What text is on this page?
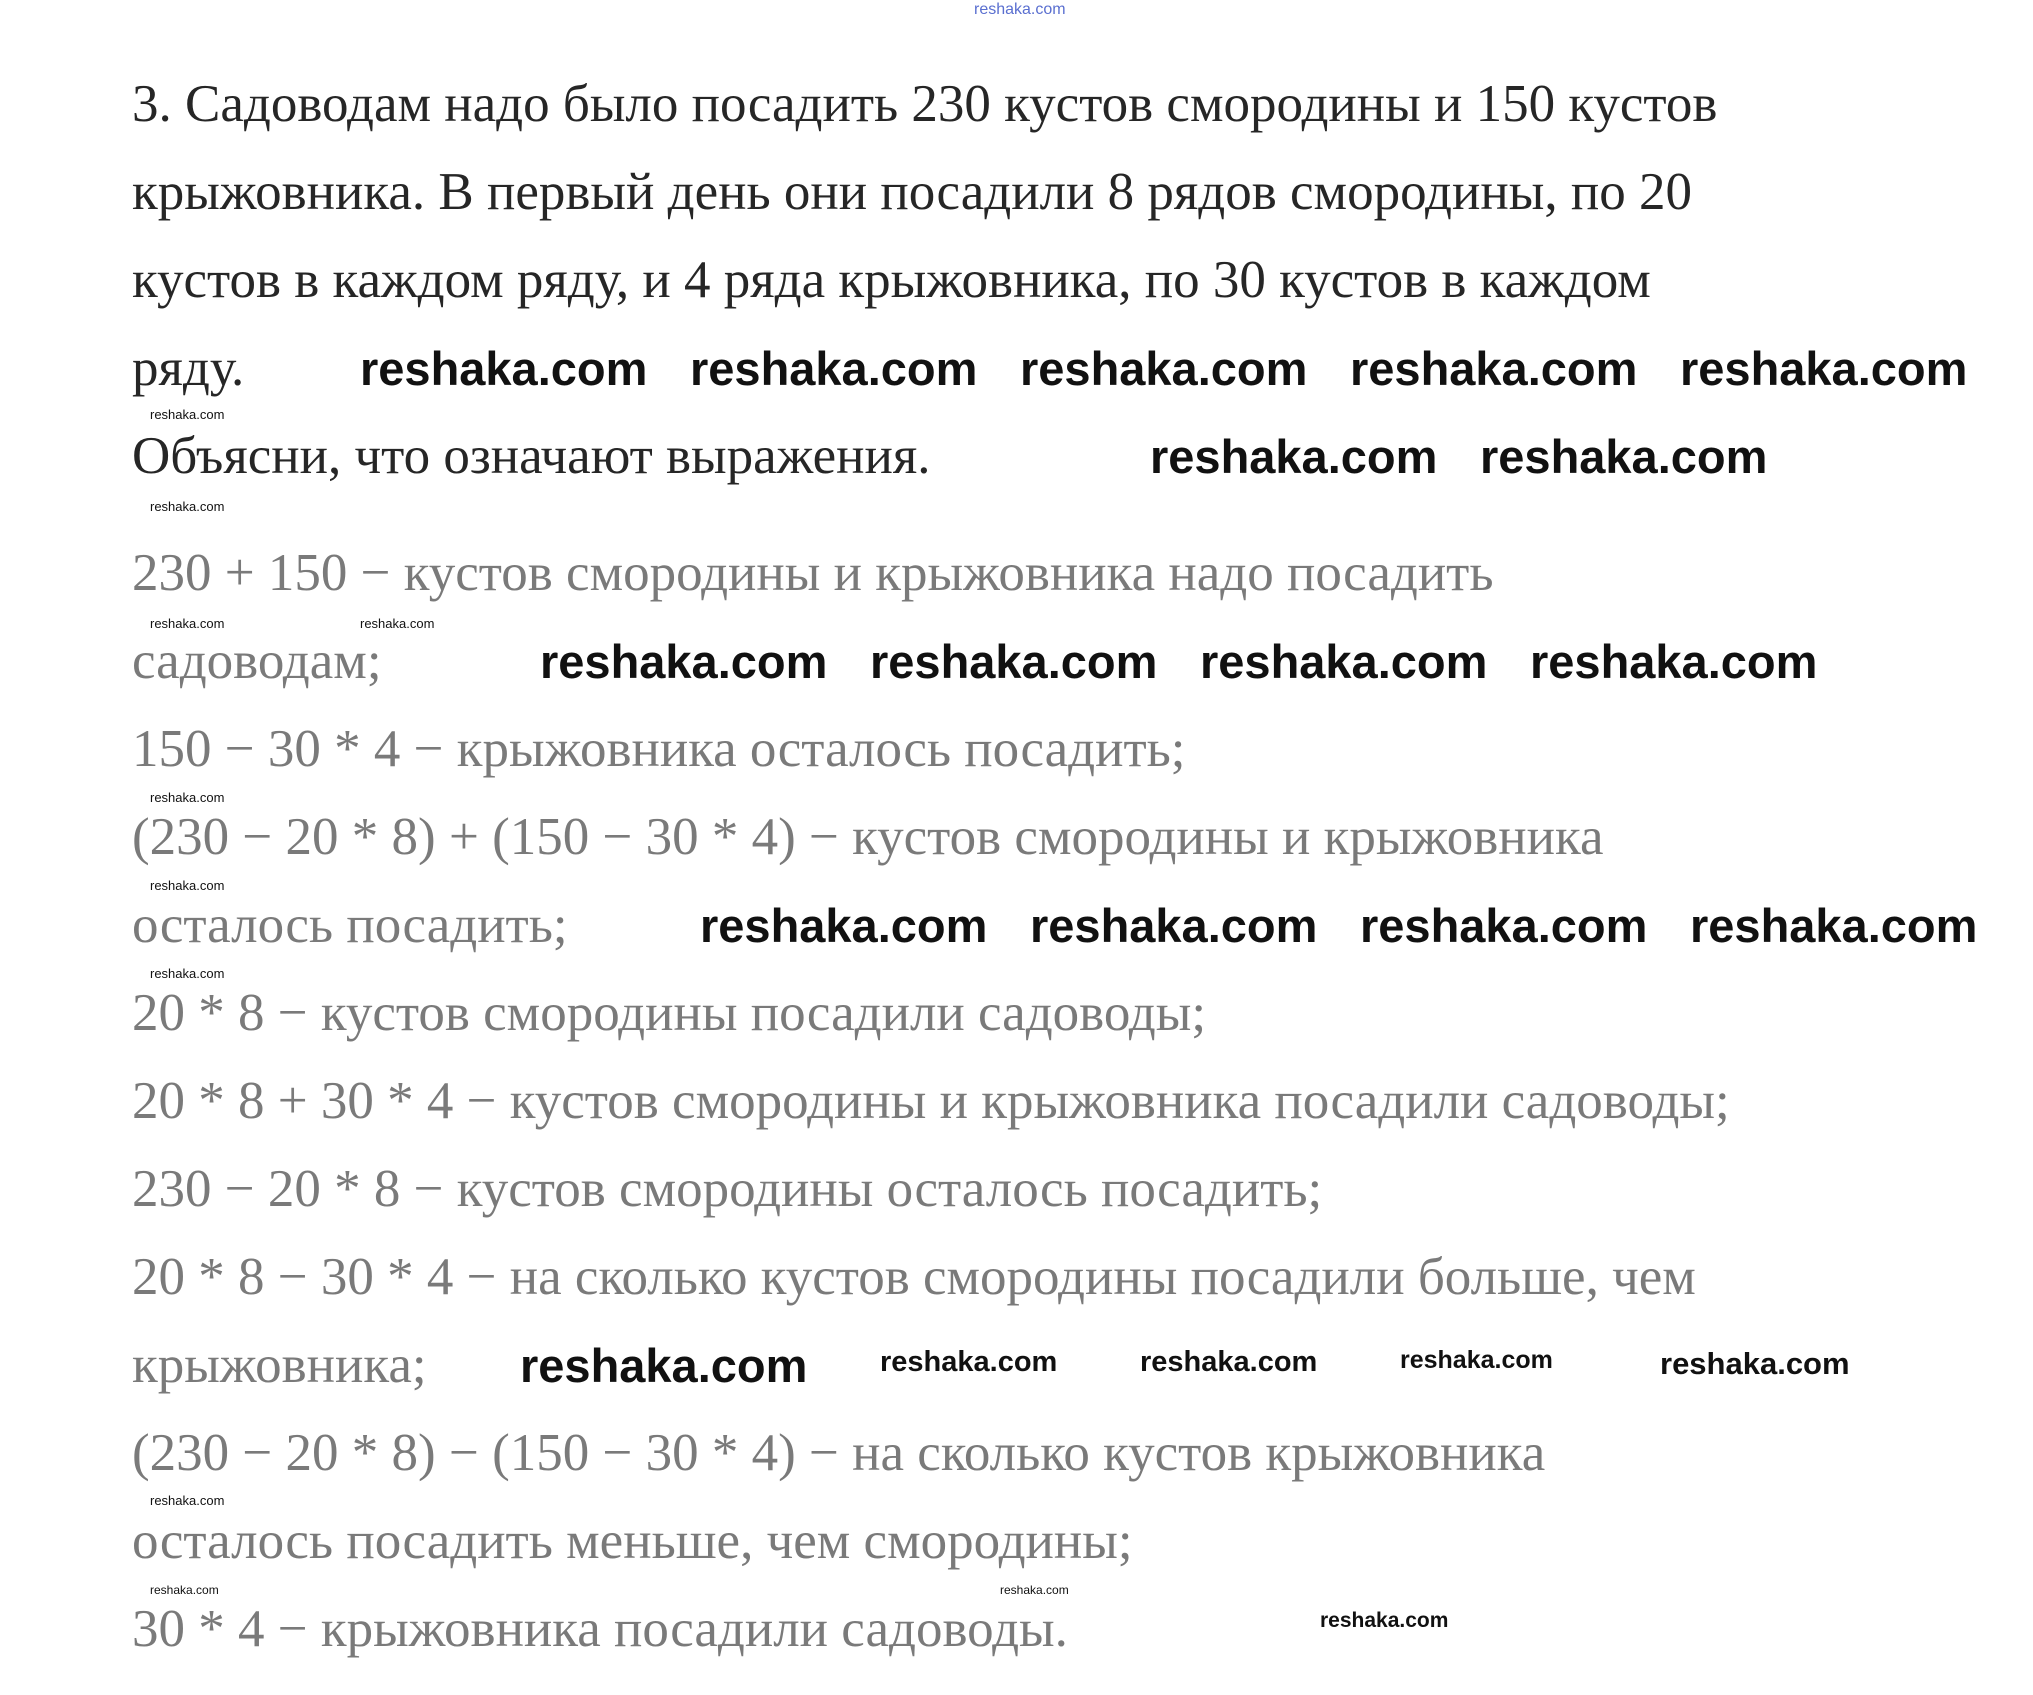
reshaka.com
3. Садоводам надо было посадить 230 кустов смородины и 150 кустов
крыжовника. В первый день они посадили 8 рядов смородины, по 20
кустов в каждом ряду, и 4 ряда крыжовника, по 30 кустов в каждом
ряду.
Объясни, что означают выражения.
230 + 150 − кустов смородины и крыжовника надо посадить
садоводам;
150 − 30 * 4 − крыжовника осталось посадить;
(230 − 20 * 8) + (150 − 30 * 4) − кустов смородины и крыжовника
осталось посадить;
20 * 8 − кустов смородины посадили садоводы;
20 * 8 + 30 * 4 − кустов смородины и крыжовника посадили садоводы;
230 − 20 * 8 − кустов смородины осталось посадить;
20 * 8 − 30 * 4 − на сколько кустов смородины посадили больше, чем
крыжовника;
(230 − 20 * 8) − (150 − 30 * 4) − на сколько кустов крыжовника
осталось посадить меньше, чем смородины;
30 * 4 − крыжовника посадили садоводы.
reshaka.com reshaka.com reshaka.com reshaka.com reshaka.com
reshaka.com reshaka.com
reshaka.com reshaka.com reshaka.com reshaka.com
reshaka.com reshaka.com reshaka.com reshaka.com
reshaka.com	reshaka.com	reshaka.com	reshaka.com	reshaka.com
reshaka.com
reshaka.com
reshaka.com
reshaka.com	reshaka.com
reshaka.com
reshaka.com
reshaka.com
reshaka.com
reshaka.com	reshaka.com
